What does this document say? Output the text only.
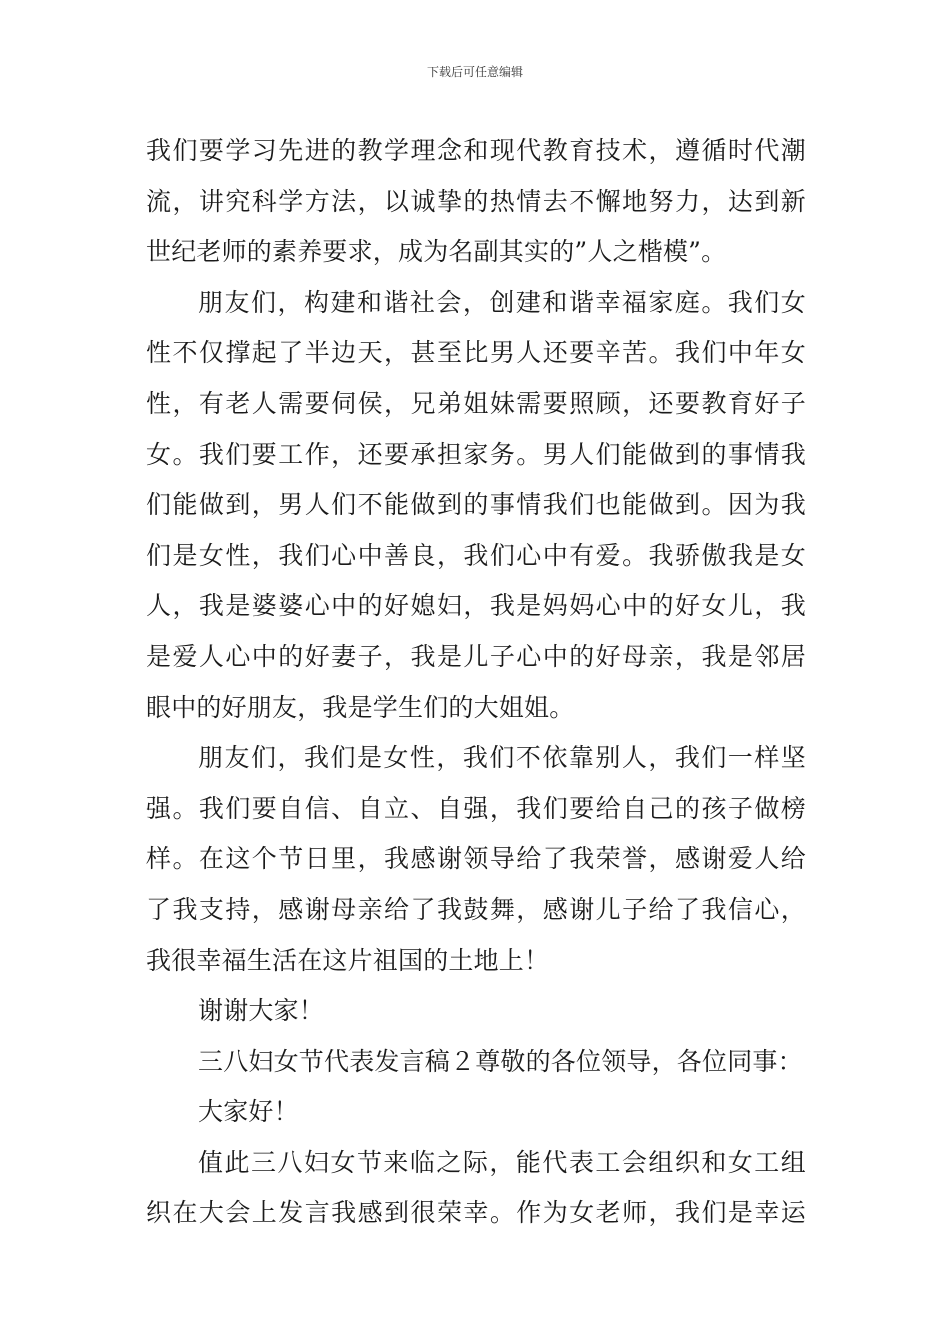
下载后可任意编辑
我们要学习先进的教学理念和现代教育技术，遵循时代潮
流，讲究科学方法，以诚挚的热情去不懈地努力，达到新
世纪老师的素养要求，成为名副其实的”人之楷模”。
朋友们，构建和谐社会，创建和谐幸福家庭。我们女
性不仅撑起了半边天，甚至比男人还要辛苦。我们中年女
性，有老人需要伺侯，兄弟姐妹需要照顾，还要教育好子
女。我们要工作，还要承担家务。男人们能做到的事情我
们能做到，男人们不能做到的事情我们也能做到。因为我
们是女性，我们心中善良，我们心中有爱。我骄傲我是女
人，我是婆婆心中的好媳妇，我是妈妈心中的好女儿，我
是爱人心中的好妻子，我是儿子心中的好母亲，我是邻居
眼中的好朋友，我是学生们的大姐姐。
朋友们，我们是女性，我们不依靠别人，我们一样坚
强。我们要自信、自立、自强，我们要给自己的孩子做榜
样。在这个节日里，我感谢领导给了我荣誉，感谢爱人给
了我支持，感谢母亲给了我鼓舞，感谢儿子给了我信心，
我很幸福生活在这片祖国的土地上！
谢谢大家！
三八妇女节代表发言稿２尊敬的各位领导，各位同事：
大家好！
值此三八妇女节来临之际，能代表工会组织和女工组
织在大会上发言我感到很荣幸。作为女老师，我们是幸运
